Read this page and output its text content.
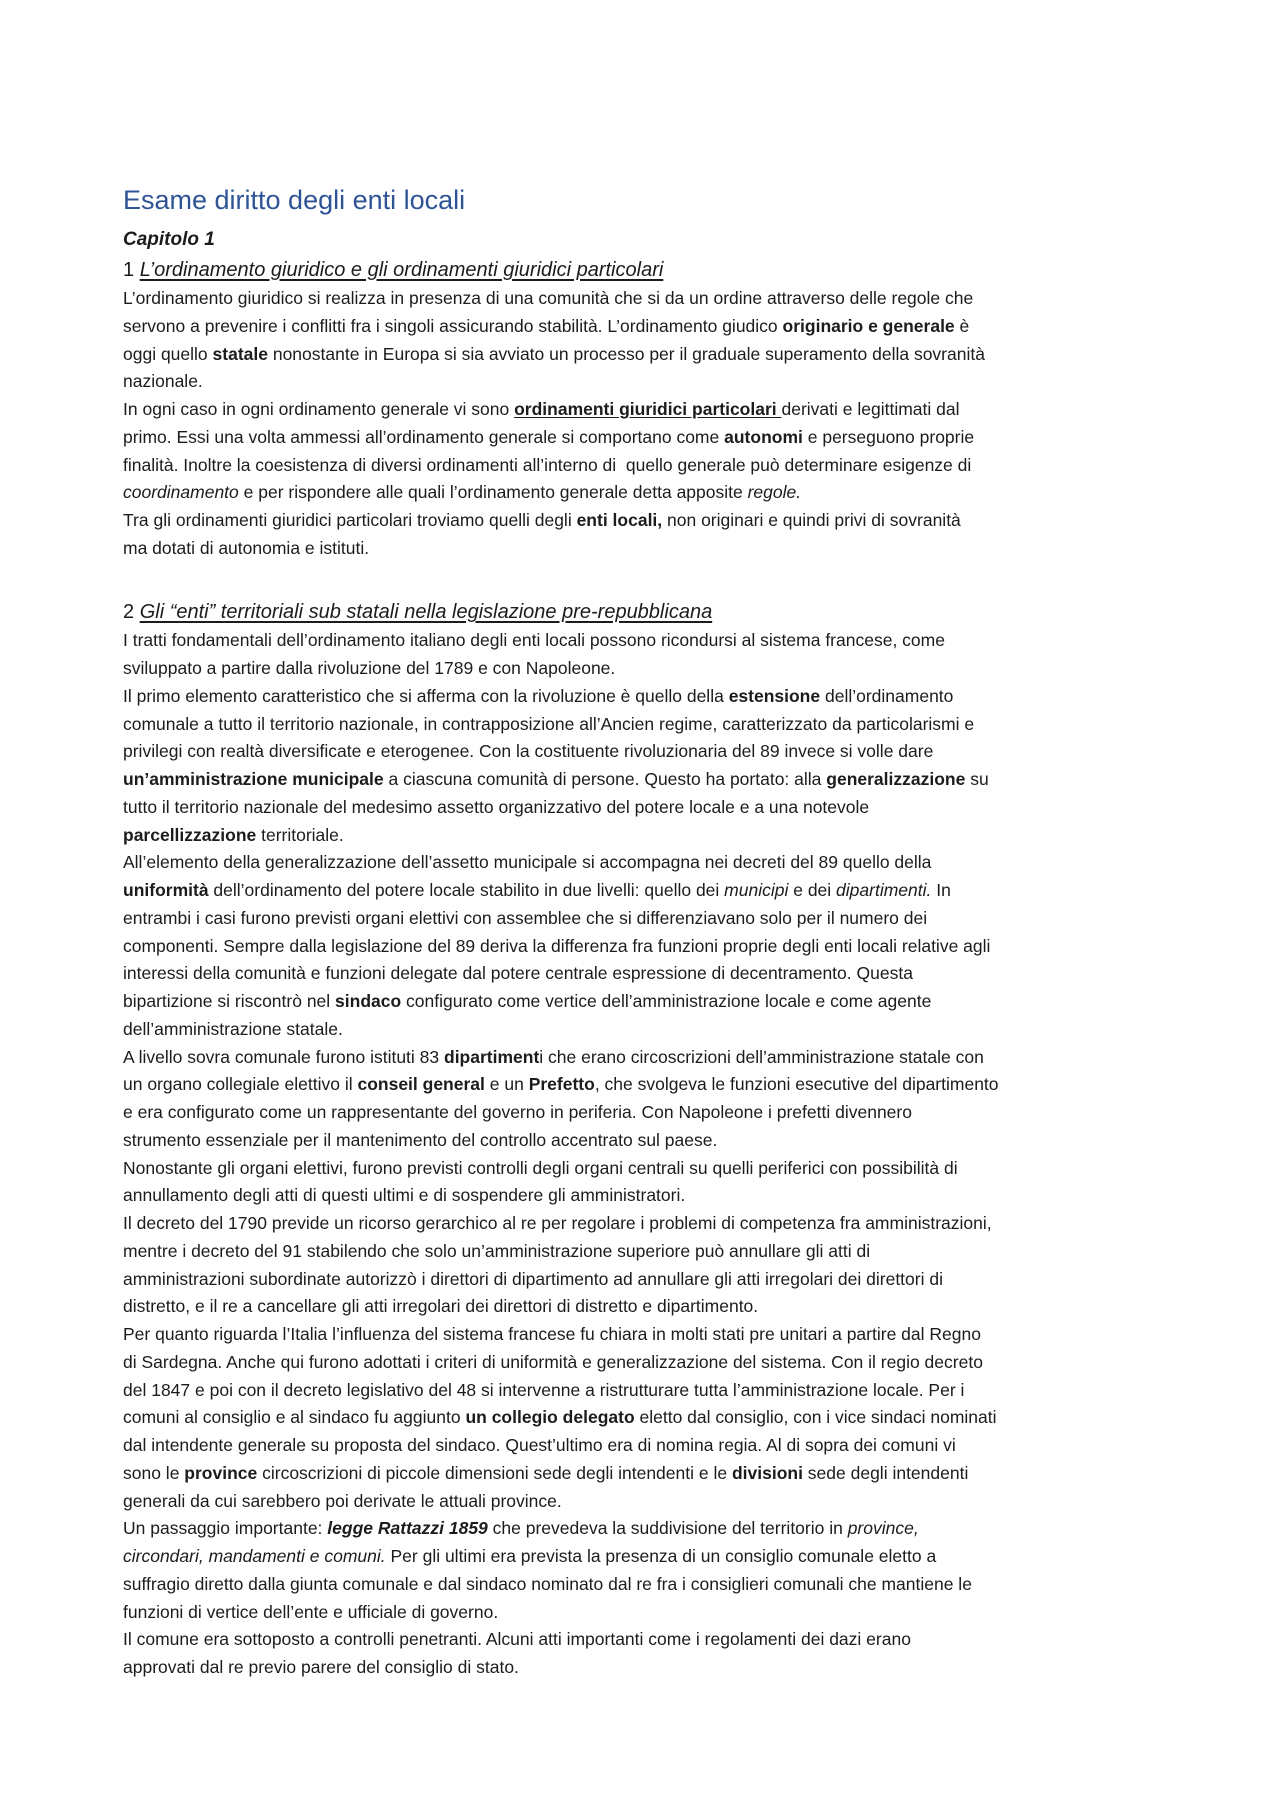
Esame diritto degli enti locali
Capitolo 1
1 L’ordinamento giuridico e gli ordinamenti giuridici particolari
L’ordinamento giuridico si realizza in presenza di una comunità che si da un ordine attraverso delle regole che
servono a prevenire i conflitti fra i singoli assicurando stabilità. L’ordinamento giudico originario e generale è
oggi quello statale nonostante in Europa si sia avviato un processo per il graduale superamento della sovranità
nazionale.
In ogni caso in ogni ordinamento generale vi sono ordinamenti giuridici particolari derivati e legittimati dal
primo. Essi una volta ammessi all’ordinamento generale si comportano come autonomi e perseguono proprie
finalità. Inoltre la coesistenza di diversi ordinamenti all’interno di  quello generale può determinare esigenze di
coordinamento e per rispondere alle quali l’ordinamento generale detta apposite regole.
Tra gli ordinamenti giuridici particolari troviamo quelli degli enti locali, non originari e quindi privi di sovranità
ma dotati di autonomia e istituti.
2 Gli “enti” territoriali sub statali nella legislazione pre-repubblicana
I tratti fondamentali dell’ordinamento italiano degli enti locali possono ricondursi al sistema francese, come
sviluppato a partire dalla rivoluzione del 1789 e con Napoleone.
Il primo elemento caratteristico che si afferma con la rivoluzione è quello della estensione dell’ordinamento
comunale a tutto il territorio nazionale, in contrapposizione all’Ancien regime, caratterizzato da particolarismi e
privilegi con realtà diversificate e eterogenee. Con la costituente rivoluzionaria del 89 invece si volle dare
un’amministrazione municipale a ciascuna comunità di persone. Questo ha portato: alla generalizzazione su
tutto il territorio nazionale del medesimo assetto organizzativo del potere locale e a una notevole
parcellizzazione territoriale.
All’elemento della generalizzazione dell’assetto municipale si accompagna nei decreti del 89 quello della
uniformità dell’ordinamento del potere locale stabilito in due livelli: quello dei municipi e dei dipartimenti. In
entrambi i casi furono previsti organi elettivi con assemblee che si differenziavano solo per il numero dei
componenti. Sempre dalla legislazione del 89 deriva la differenza fra funzioni proprie degli enti locali relative agli
interessi della comunità e funzioni delegate dal potere centrale espressione di decentramento. Questa
bipartizione si riscontrò nel sindaco configurato come vertice dell’amministrazione locale e come agente
dell’amministrazione statale.
A livello sovra comunale furono istituti 83 dipartimenti che erano circoscrizioni dell’amministrazione statale con
un organo collegiale elettivo il conseil general e un Prefetto, che svolgeva le funzioni esecutive del dipartimento
e era configurato come un rappresentante del governo in periferia. Con Napoleone i prefetti divennero
strumento essenziale per il mantenimento del controllo accentrato sul paese.
Nonostante gli organi elettivi, furono previsti controlli degli organi centrali su quelli periferici con possibilità di
annullamento degli atti di questi ultimi e di sospendere gli amministratori.
Il decreto del 1790 previde un ricorso gerarchico al re per regolare i problemi di competenza fra amministrazioni,
mentre i decreto del 91 stabilendo che solo un’amministrazione superiore può annullare gli atti di
amministrazioni subordinate autorizzò i direttori di dipartimento ad annullare gli atti irregolari dei direttori di
distretto, e il re a cancellare gli atti irregolari dei direttori di distretto e dipartimento.
Per quanto riguarda l’Italia l’influenza del sistema francese fu chiara in molti stati pre unitari a partire dal Regno
di Sardegna. Anche qui furono adottati i criteri di uniformità e generalizzazione del sistema. Con il regio decreto
del 1847 e poi con il decreto legislativo del 48 si intervenne a ristrutturare tutta l’amministrazione locale. Per i
comuni al consiglio e al sindaco fu aggiunto un collegio delegato eletto dal consiglio, con i vice sindaci nominati
dal intendente generale su proposta del sindaco. Quest’ultimo era di nomina regia. Al di sopra dei comuni vi
sono le province circoscrizioni di piccole dimensioni sede degli intendenti e le divisioni sede degli intendenti
generali da cui sarebbero poi derivate le attuali province.
Un passaggio importante: legge Rattazzi 1859 che prevedeva la suddivisione del territorio in province,
circondari, mandamenti e comuni. Per gli ultimi era prevista la presenza di un consiglio comunale eletto a
suffragio diretto dalla giunta comunale e dal sindaco nominato dal re fra i consiglieri comunali che mantiene le
funzioni di vertice dell’ente e ufficiale di governo.
Il comune era sottoposto a controlli penetranti. Alcuni atti importanti come i regolamenti dei dazi erano
approvati dal re previo parere del consiglio di stato.
